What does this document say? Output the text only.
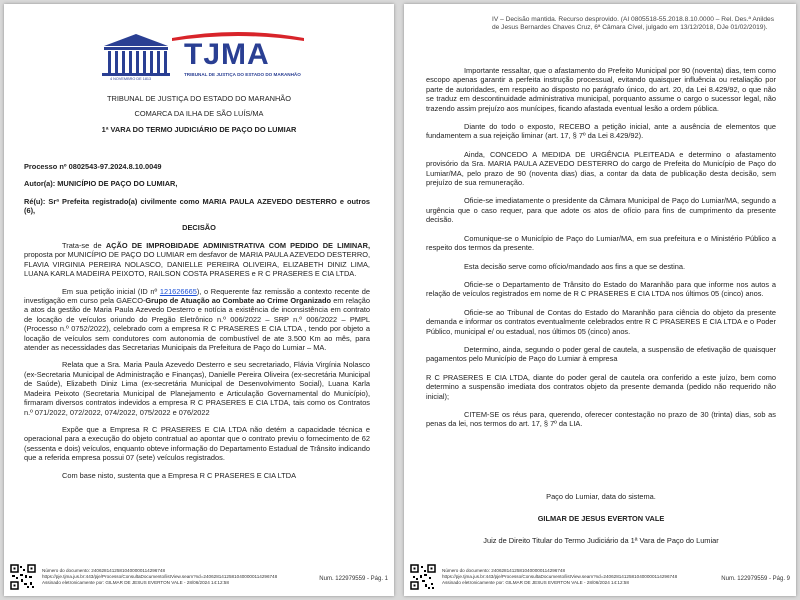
TJMA
TRIBUNAL DE JUSTIÇA DO ESTADO DO MARANHÃO
4 NOVEMBRO DE 1813

TRIBUNAL DE JUSTIÇA DO ESTADO DO MARANHÃO

COMARCA DA ILHA DE SÃO LUÍS/MA

1ª VARA DO TERMO JUDICIÁRIO DE PAÇO DO LUMIAR

Processo nº 0802543-97.2024.8.10.0049

Autor(a): MUNICÍPIO DE PAÇO DO LUMIAR,

Ré(u): Srª Prefeita registrado(a) civilmente como MARIA PAULA AZEVEDO DESTERRO e outros (6),

DECISÃO

Trata-se de AÇÃO DE IMPROBIDADE ADMINISTRATIVA COM PEDIDO DE LIMINAR, proposta por MUNICÍPIO DE PAÇO DO LUMIAR em desfavor de MARIA PAULA AZEVEDO DESTERRO, FLAVIA VIRGINIA PEREIRA NOLASCO, DANIELLE PEREIRA OLIVEIRA, ELIZABETH DINIZ LIMA, LUANA KARLA MADEIRA PEIXOTO, RAILSON COSTA PRASERES e R C PRASERES E CIA LTDA.

Em sua petição inicial (ID nº 121626665), o Requerente faz remissão a contexto recente de investigação em curso pela GAECO-Grupo de Atuação ao Combate ao Crime Organizado em relação a atos da gestão de Maria Paula Azevedo Desterro e notícia a existência de inconsistência em contrato de locação de veículos oriundo do Pregão Eletrônico n.º 006/2022 – SRP n.º 006/2022 – PMPL (Processo n.º 0752/2022), celebrado com a empresa R C PRASERES E CIA LTDA , tendo por objeto a locação de veículos sem condutores com autonomia de combustível de ate 3.500 Km ao mês, para atender as necessidades das Secretarias Municipais da Prefeitura de Paço do Lumiar – MA.

Relata que a Sra. Maria Paula Azevedo Desterro e seu secretariado, Flávia Virgínia Nolasco (ex-Secretaria Municipal de Administração e Finanças), Danielle Pereira Oliveira (ex-secretária Municipal de Saúde), Elizabeth Diniz Lima (ex-secretária Municipal de Desenvolvimento Social), Luana Karla Madeira Peixoto (Secretaria Municipal de Planejamento e Articulação Governamental do Município), firmaram diversos contratos indevidos a empresa R C PRASERES E CIA LTDA, tais como os Contratos n.º 071/2022, 072/2022, 074/2022, 075/2022 e 076/2022

Expõe que a Empresa R C PRASERES E CIA LTDA não detém a capacidade técnica e operacional para a execução do objeto contratual ao apontar que o contrato previu o fornecimento de 62 (sessenta e dois) veículos, enquanto obteve informação do Departamento Estadual de Trânsito indicando que a referida empresa possui 07 (sete) veículos registrados.

Com base nisto, sustenta que a Empresa R C PRASERES E CIA LTDA

Número do documento: 24062814125810400000114296748
https://pje.tjma.jus.br:443/pje/Processo/ConsultaDocumento/listView.seam?nd=24062814125810400000114296748
Assinado eletronicamente por: GILMAR DE JESUS EVERTON VALE - 28/06/2024 14:12:58
Num. 122979559 - Pág. 1
IV – Decisão mantida. Recurso desprovido. (AI 0805518-55.2018.8.10.0000 – Rel. Des.ª Anildes de Jesus Bernardes Chaves Cruz, 6ª Câmara Cível, julgado em 13/12/2018, DJe 01/02/2019).

Importante ressaltar, que o afastamento do Prefeito Municipal por 90 (noventa) dias, tem como escopo apenas garantir a perfeita instrução processual, evitando quaisquer influência ou retaliação por parte de autoridades, em respeito ao disposto no parágrafo único, do art. 20, da Lei 8.429/92, o que não se traduz em descontinuidade administrativa municipal, porquanto assume o cargo o sucessor legal, não trazendo assim prejuízo aos munícipes, ficando afastada eventual lesão a ordem pública.

Diante do todo o exposto, RECEBO a petição inicial, ante a ausência de elementos que fundamentem a sua rejeição liminar (art. 17, § 7º da Lei 8.429/92).

Ainda, CONCEDO A MEDIDA DE URGÊNCIA PLEITEADA e determino o afastamento provisório da Sra. MARIA PAULA AZEVEDO DESTERRO do cargo de Prefeita do Município de Paço do Lumiar/MA, pelo prazo de 90 (noventa dias) dias, a contar da data de publicação desta decisão, sem prejuízo de sua remuneração.

Oficie-se imediatamente o presidente da Câmara Municipal de Paço do Lumiar/MA, segundo a urgência que o caso requer, para que adote os atos de ofício para fins de cumprimento da presente decisão.

Comunique-se o Município de Paço do Lumiar/MA, em sua prefeitura e o Ministério Público a respeito dos termos da presente.

Esta decisão serve como ofício/mandado aos fins a que se destina.

Oficie-se o Departamento de Trânsito do Estado do Maranhão para que informe nos autos a relação de veículos registrados em nome de R C PRASERES E CIA LTDA nos últimos 05 (cinco) anos.

Oficie-se ao Tribunal de Contas do Estado do Maranhão para ciência do objeto da presente demanda e informar os contratos eventualmente celebrados entre R C PRASERES E CIA LTDA e o Poder Público, municipal e/ ou estadual, nos últimos 05 (cinco) anos.

Determino, ainda, segundo o poder geral de cautela, a suspensão de efetivação de quaisquer pagamentos pelo Município de Paço do Lumiar à empresa

R C PRASERES E CIA LTDA, diante do poder geral de cautela ora conferido a este juízo, bem como determino a suspensão imediata dos contratos objeto da presente demanda (pedido não requerido não inicial);

CITEM-SE os réus para, querendo, oferecer contestação no prazo de 30 (trinta) dias, sob as penas da lei, nos termos do art. 17, § 7º da LIA.

Paço do Lumiar, data do sistema.
GILMAR DE JESUS EVERTON VALE
Juiz de Direito Titular do Termo Judiciário da 1ª Vara de Paço do Lumiar
Número do documento: 24062814125810400000114296748
https://pje.tjma.jus.br:443/pje/Processo/ConsultaDocumento/listView.seam?nd=24062814125810400000114296748
Assinado eletronicamente por: GILMAR DE JESUS EVERTON VALE - 28/06/2024 14:12:58
Num. 122979559 - Pág. 9
